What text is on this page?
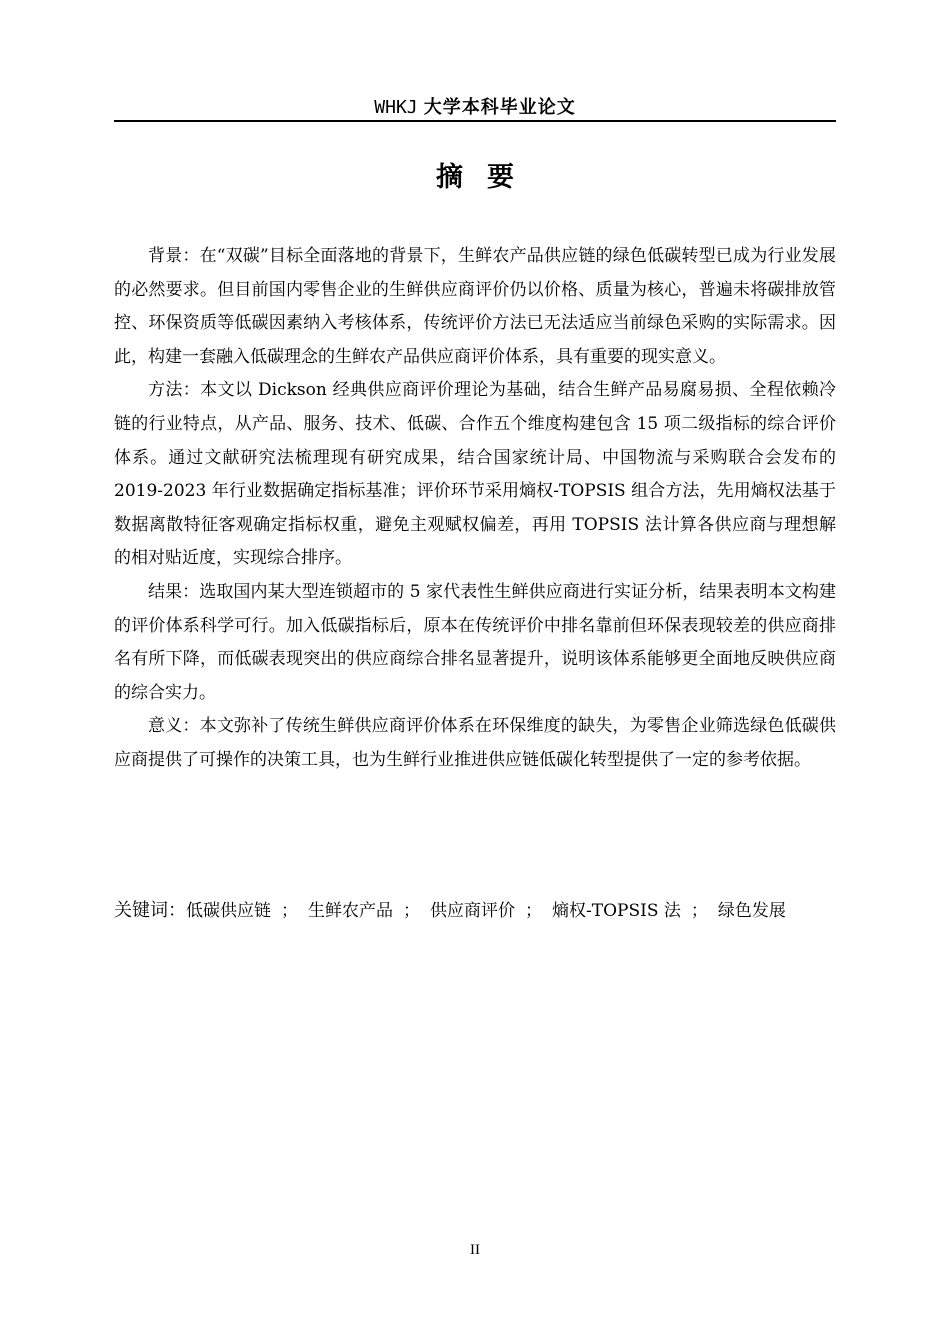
WHKJ 大学本科毕业论文
摘要

背景：在“双碳”目标全面落地的背景下，生鲜农产品供应链的绿色低碳转型已成为行业发展的必然要求。但目前国内零售企业的生鲜供应商评价仍以价格、质量为核心，普遍未将碳排放管控、环保资质等低碳因素纳入考核体系，传统评价方法已无法适应当前绿色采购的实际需求。因此，构建一套融入低碳理念的生鲜农产品供应商评价体系，具有重要的现实意义。

方法：本文以 Dickson 经典供应商评价理论为基础，结合生鲜产品易腐易损、全程依赖冷链的行业特点，从产品、服务、技术、低碳、合作五个维度构建包含 15 项二级指标的综合评价体系。通过文献研究法梳理现有研究成果，结合国家统计局、中国物流与采购联合会发布的 2019-2023 年行业数据确定指标基准；评价环节采用熵权-TOPSIS 组合方法，先用熵权法基于数据离散特征客观确定指标权重，避免主观赋权偏差，再用 TOPSIS 法计算各供应商与理想解的相对贴近度，实现综合排序。

结果：选取国内某大型连锁超市的 5 家代表性生鲜供应商进行实证分析，结果表明本文构建的评价体系科学可行。加入低碳指标后，原本在传统评价中排名靠前但环保表现较差的供应商排名有所下降，而低碳表现突出的供应商综合排名显著提升，说明该体系能够更全面地反映供应商的综合实力。

意义：本文弥补了传统生鲜供应商评价体系在环保维度的缺失，为零售企业筛选绿色低碳供应商提供了可操作的决策工具，也为生鲜行业推进供应链低碳化转型提供了一定的参考依据。

关键词：低碳供应链 ； 生鲜农产品 ； 供应商评价 ； 熵权-TOPSIS 法 ； 绿色发展
II
